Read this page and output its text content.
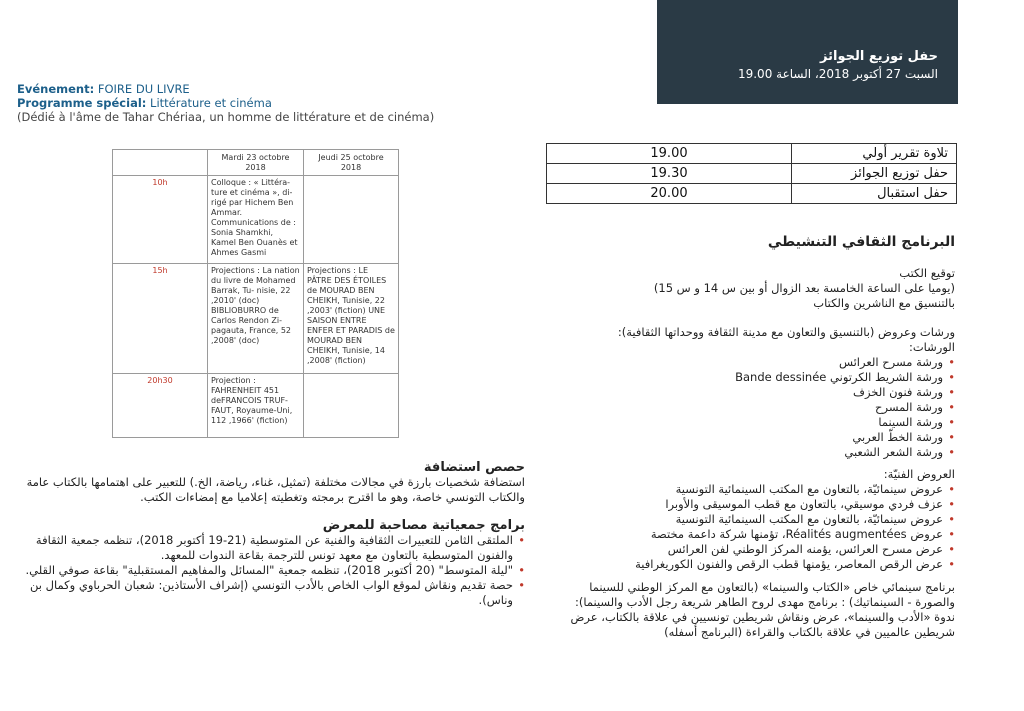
حفل توزيع الجوائز
السبت 27 أكتوبر 2018، الساعة 19.00
Evénement: FOIRE DU LIVRE
Programme spécial: Littérature et cinéma
(Dédié à l'âme de Tahar Chériaa, un homme de littérature et de cinéma)
	Mardi 23 octobre 2018	Jeudi 25 octobre 2018
10h	Colloque : « Littéra- ture et cinéma », di- rigé par Hichem Ben Ammar. Communications de : Sonia Shamkhi, Kamel Ben Ouanès et Ahmes Gasmi	
15h	Projections : La nation du livre de Mohamed Barrak, Tu- nisie, 22 ,2010' (doc) BIBLIOBURRO de Carlos Rendon Zi- pagauta, France, 52 ,2008' (doc)	Projections : LE PÂTRE DES ÉTOILES de MOURAD BEN CHEIKH, Tunisie, 22 ,2003' (fiction) UNE SAISON ENTRE ENFER ET PARADIS de MOURAD BEN CHEIKH, Tunisie, 14 ,2008' (fiction)
20h30	Projection : FAHRENHEIT 451 deFRANCOIS TRUF- FAUT, Royaume-Uni, 112 ,1966' (fiction)	
19.00	تلاوة تقرير أولي
19.30	حفل توزيع الجوائز
20.00	حفل استقبال
البرنامج الثقافي التنشيطي
توقيع الكتب
(يوميا على الساعة الخامسة بعد الزوال أو بين س 14 و س 15)
بالتنسيق مع الناشرين والكتاب
ورشات وعروض (بالتنسيق والتعاون مع مدينة الثقافة ووحداتها الثقافية):
الورشات:
• ورشة مسرح العرائس
• ورشة الشريط الكرتوني Bande dessinée
• ورشة فنون الخزف
• ورشة المسرح
• ورشة السينما
• ورشة الخطّ العربي
• ورشة الشعر الشعبي
العروض الفنيّة:
• عروض سينمائيّة، بالتعاون مع المكتب السينمائية التونسية
• عزف فردي موسيقي، بالتعاون مع قطب الموسيقى والأوبرا
• عروض سينمائيّة، بالتعاون مع المكتب السينمائية التونسية
• عروض Réalités augmentées، تؤمنها شركة داعمة مختصة
• عرض مسرح العرائس، يؤمنه المركز الوطني لفن العرائس
• عرض الرقص المعاصر، يؤمنها قطب الرقص والفنون الكوريغرافية
برنامج سينمائي خاص «الكتاب والسينما» (بالتعاون مع المركز الوطني للسينما والصورة - السينماتيك) : برنامج مهدى لروح الطاهر شريعة رجل الأدب والسينما): ندوة «الأدب والسينما»، عرض ونقاش شريطين تونسيين في علاقة بالكتاب، عرض شريطين عالميين في علاقة بالكتاب والقراءة (البرنامج أسفله)
حصص استضافة
استضافة شخصيات بارزة في مجالات مختلفة (تمثيل، غناء، رياضة، الخ.) للتعبير على اهتمامها بالكتاب عامة والكتاب التونسي خاصة، وهو ما اقترح برمجته وتغطيته إعلاميا مع إمضاءات الكتب.
برامج جمعياتية مصاحبة للمعرض
• الملتقى الثامن للتعبيرات الثقافية والفنية عن المتوسطية (21-19 أكتوبر 2018)، تنظمه جمعية الثقافة والفنون المتوسطية بالتعاون مع معهد تونس للترجمة بقاعة الندوات للمعهد.
• "ليلة المتوسط" (20 أكتوبر 2018)، تنظمه جمعية "المسائل والمفاهيم المستقبلية" بقاعة صوفي القلي.
• حصة تقديم ونقاش لموقع الواب الخاص بالأدب التونسي (إشراف الأستاذين: شعبان الحرباوي وكمال بن وناس).
